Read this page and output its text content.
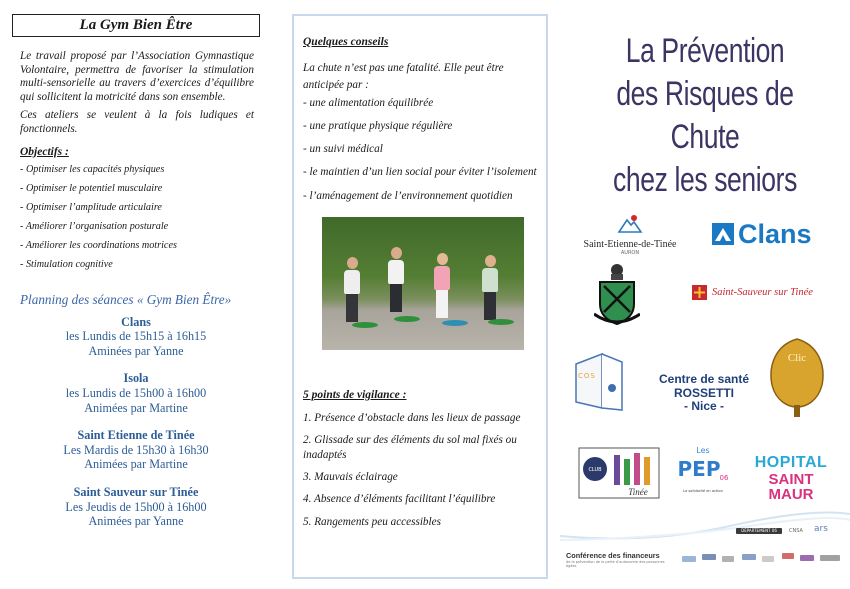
La Gym Bien Être

Le travail proposé par l’Association Gymnastique Volontaire, permettra de favoriser la stimulation multi-sensorielle au travers d’exercices d’équilibre qui sollicitent la motricité dans son ensemble.

Ces ateliers se veulent à la fois ludiques et fonctionnels.

Objectifs :
- Optimiser les capacités physiques
- Optimiser le potentiel musculaire
- Optimiser l’amplitude articulaire
- Améliorer l’organisation posturale
- Améliorer les coordinations motrices
- Stimulation cognitive
Planning des séances « Gym Bien Être»
Clans
les Lundis de 15h15 à 16h15
Aminées par Yanne
Isola
les Lundis de 15h00 à 16h00
Animées par Martine
Saint Etienne de Tinée
Les Mardis de 15h30 à 16h30
Animées par Martine
Saint Sauveur sur Tinée
Les Jeudis de 15h00 à 16h00
Animées par Yanne
Quelques conseils
La chute n’est pas une fatalité. Elle peut être anticipée par :
- une alimentation équilibrée
- une pratique physique régulière
- un suivi médical
- le maintien d’un lien social pour éviter l’isolement
- l’aménagement de l’environnement quotidien
5 points de vigilance :
1. Présence d’obstacle dans les lieux de passage
2. Glissade sur des éléments du sol mal fixés ou inadaptés
3. Mauvais éclairage
4. Absence d’éléments facilitant l’équilibre
5. Rangements peu accessibles
La Prévention
des Risques de Chute
chez les seniors
Saint-Etienne-de-Tinée
AURON
Clans
Saint-Sauveur sur Tinée
COS	Centre de santé
ROSSETTI
- Nice -
Clic
CLUB
Tinée
Les
PEP 06
La solidarité en action
HOPITAL
SAINT MAUR
DÉPARTEMENT 06	CNSA ars
Conférence des financeurs
de la prévention de la perte d’autonomie des personnes âgées
